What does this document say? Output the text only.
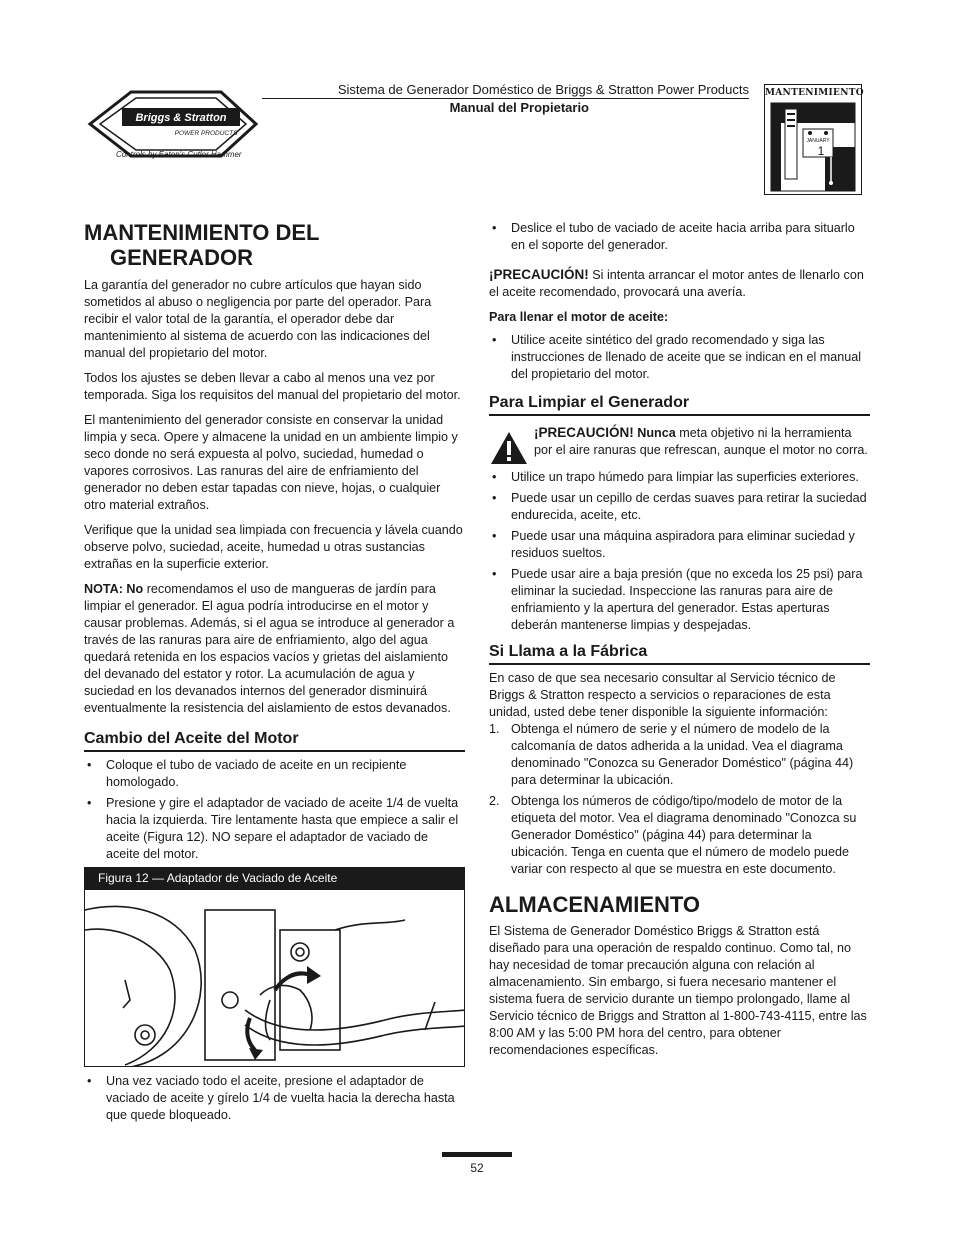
Briggs & Stratton
POWER PRODUCTS
Controls by Eaton's Cutler Hammer
Sistema de Generador Doméstico de Briggs & Stratton Power Products
Manual del Propietario
MANTENIMIENTO
JANUARY
1
MANTENIMIENTO DEL
GENERADOR

La garantía del generador no cubre artículos que hayan sido sometidos al abuso o negligencia por parte del operador. Para recibir el valor total de la garantía, el operador debe dar mantenimiento al sistema de acuerdo con las indicaciones del manual del propietario del motor.

Todos los ajustes se deben llevar a cabo al menos una vez por temporada. Siga los requisitos del manual del propietario del motor.

El mantenimiento del generador consiste en conservar la unidad limpia y seca. Opere y almacene la unidad en un ambiente limpio y seco donde no será expuesta al polvo, suciedad, humedad o vapores corrosivos. Las ranuras del aire de enfriamiento del generador no deben estar tapadas con nieve, hojas, o cualquier otro material extraños.

Verifique que la unidad sea limpiada con frecuencia y lávela cuando observe polvo, suciedad, aceite, humedad u otras sustancias extrañas en la superficie exterior.

NOTA: No recomendamos el uso de mangueras de jardín para limpiar el generador. El agua podría introducirse en el motor y causar problemas. Además, si el agua se introduce al generador a través de las ranuras para aire de enfriamiento, algo del agua quedará retenida en los espacios vacíos y grietas del aislamiento del devanado del estator y rotor. La acumulación de agua y suciedad en los devanados internos del generador disminuirá eventualmente la resistencia del aislamiento de estos devanados.

Cambio del Aceite del Motor
• Coloque el tubo de vaciado de aceite en un recipiente homologado.
• Presione y gire el adaptador de vaciado de aceite 1/4 de vuelta hacia la izquierda. Tire lentamente hasta que empiece a salir el aceite (Figura 12). NO separe el adaptador de vaciado de aceite del motor.
Figura 12 — Adaptador de Vaciado de Aceite
• Una vez vaciado todo el aceite, presione el adaptador de vaciado de aceite y gírelo 1/4 de vuelta hacia la derecha hasta que quede bloqueado.
• Deslice el tubo de vaciado de aceite hacia arriba para situarlo en el soporte del generador.

¡PRECAUCIÓN! Si intenta arrancar el motor antes de llenarlo con el aceite recomendado, provocará una avería.

Para llenar el motor de aceite:

• Utilice aceite sintético del grado recomendado y siga las instrucciones de llenado de aceite que se indican en el manual del propietario del motor.
Para Limpiar el Generador

¡PRECAUCIÓN! Nunca meta objetivo ni la herramienta por el aire ranuras que refrescan, aunque el motor no corra.

• Utilice un trapo húmedo para limpiar las superficies exteriores.
• Puede usar un cepillo de cerdas suaves para retirar la suciedad endurecida, aceite, etc.
• Puede usar una máquina aspiradora para eliminar suciedad y residuos sueltos.
• Puede usar aire a baja presión (que no exceda los 25 psi) para eliminar la suciedad. Inspeccione las ranuras para aire de enfriamiento y la apertura del generador. Estas aperturas deberán mantenerse limpias y despejadas.
Si Llama a la Fábrica

En caso de que sea necesario consultar al Servicio técnico de Briggs & Stratton respecto a servicios o reparaciones de esta unidad, usted debe tener disponible la siguiente información:

1. Obtenga el número de serie y el número de modelo de la calcomanía de datos adherida a la unidad. Vea el diagrama denominado "Conozca su Generador Doméstico" (página 44) para determinar la ubicación.
2. Obtenga los números de código/tipo/modelo de motor de la etiqueta del motor. Vea el diagrama denominado "Conozca su Generador Doméstico" (página 44) para determinar la ubicación. Tenga en cuenta que el número de modelo puede variar con respecto al que se muestra en este documento.
ALMACENAMIENTO

El Sistema de Generador Doméstico Briggs & Stratton está diseñado para una operación de respaldo continuo. Como tal, no hay necesidad de tomar precaución alguna con relación al almacenamiento. Sin embargo, si fuera necesario mantener el sistema fuera de servicio durante un tiempo prolongado, llame al Servicio técnico de Briggs and Stratton al 1-800-743-4115, entre las 8:00 AM y las 5:00 PM hora del centro, para obtener recomendaciones específicas.

52
